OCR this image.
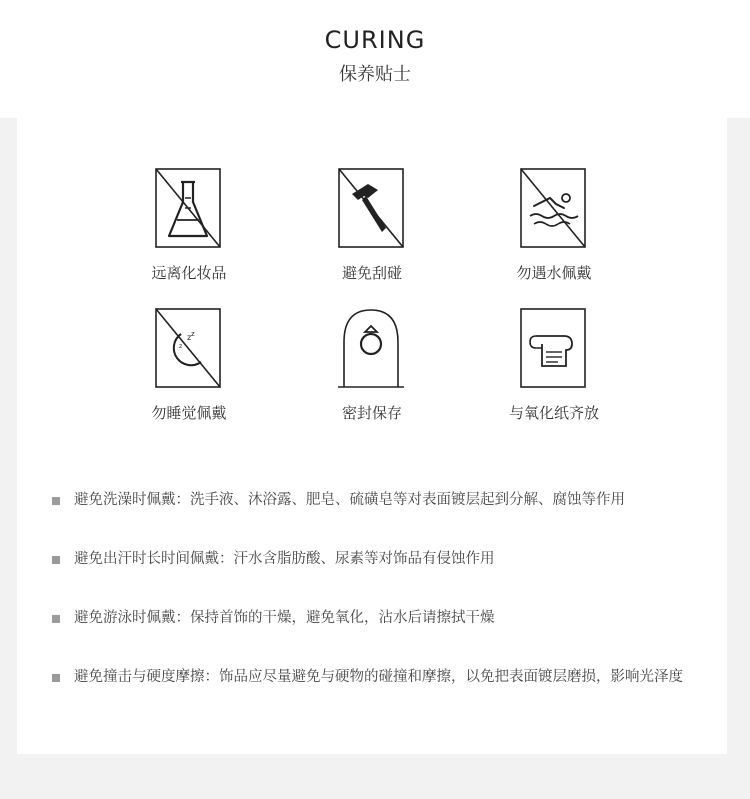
CURING
保养贴士
远离化妆品	避免刮碰	勿遇水佩戴
z z
z
勿睡觉佩戴	密封保存	与氧化纸齐放
避免洗澡时佩戴：洗手液、沐浴露、肥皂、硫磺皂等对表面镀层起到分解、腐蚀等作用
避免出汗时长时间佩戴：汗水含脂肪酸、尿素等对饰品有侵蚀作用
避免游泳时佩戴：保持首饰的干燥，避免氧化，沾水后请擦拭干燥
避免撞击与硬度摩擦：饰品应尽量避免与硬物的碰撞和摩擦，以免把表面镀层磨损，影响光泽度
